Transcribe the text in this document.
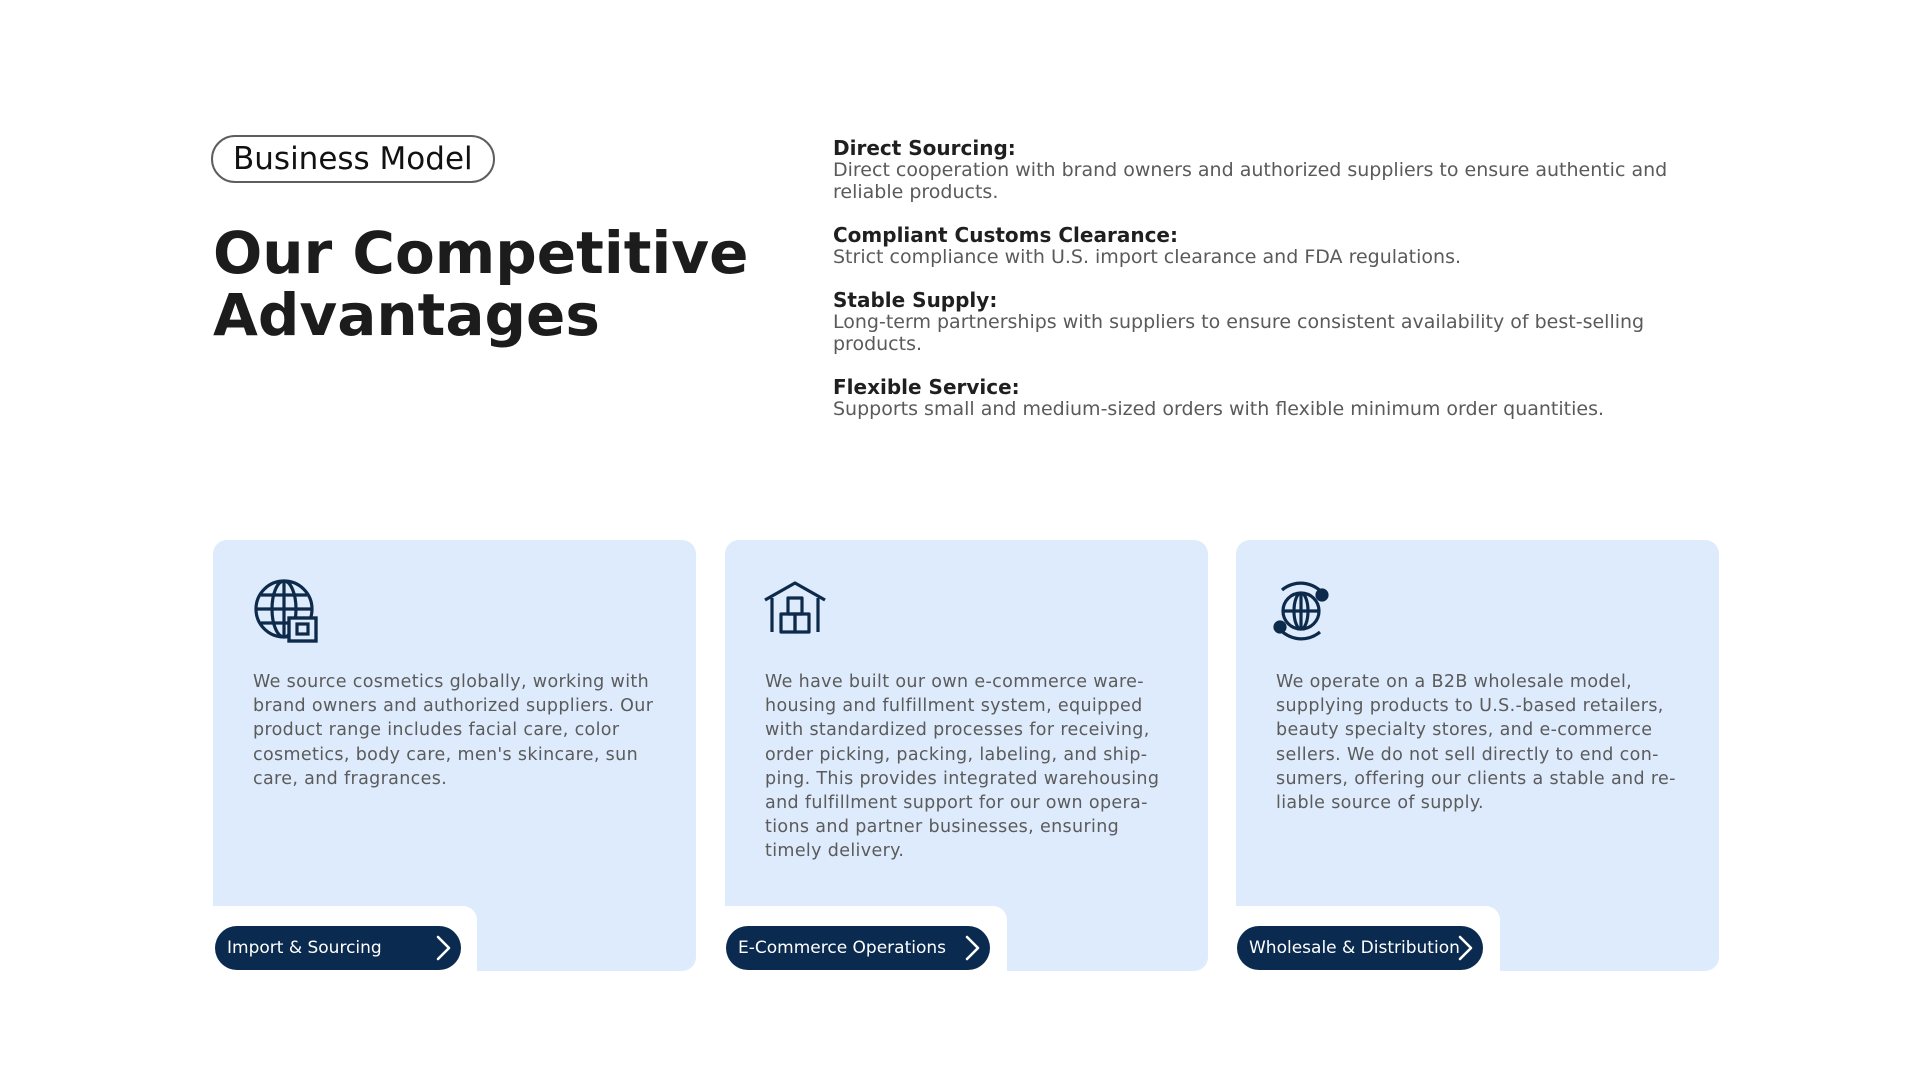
Business Model
Our Competitive Advantages
Direct Sourcing:
Direct cooperation with brand owners and authorized suppliers to ensure authentic and reliable products.
Compliant Customs Clearance:
Strict compliance with U.S. import clearance and FDA regulations.
Stable Supply:
Long-term partnerships with suppliers to ensure consistent availability of best-selling products.
Flexible Service:
Supports small and medium-sized orders with flexible minimum order quantities.
We source cosmetics globally, working with brand owners and authorized suppliers. Our product range includes facial care, color cosmetics, body care, men's skincare, sun care, and fragrances.
Import & Sourcing
We have built our own e-commerce warehousing and fulfillment system, equipped with standardized processes for receiving, order picking, packing, labeling, and shipping. This provides integrated warehousing and fulfillment support for our own operations and partner businesses, ensuring timely delivery.
E-Commerce Operations
We operate on a B2B wholesale model, supplying products to U.S.-based retailers, beauty specialty stores, and e-commerce sellers. We do not sell directly to end consumers, offering our clients a stable and reliable source of supply.
Wholesale & Distribution
